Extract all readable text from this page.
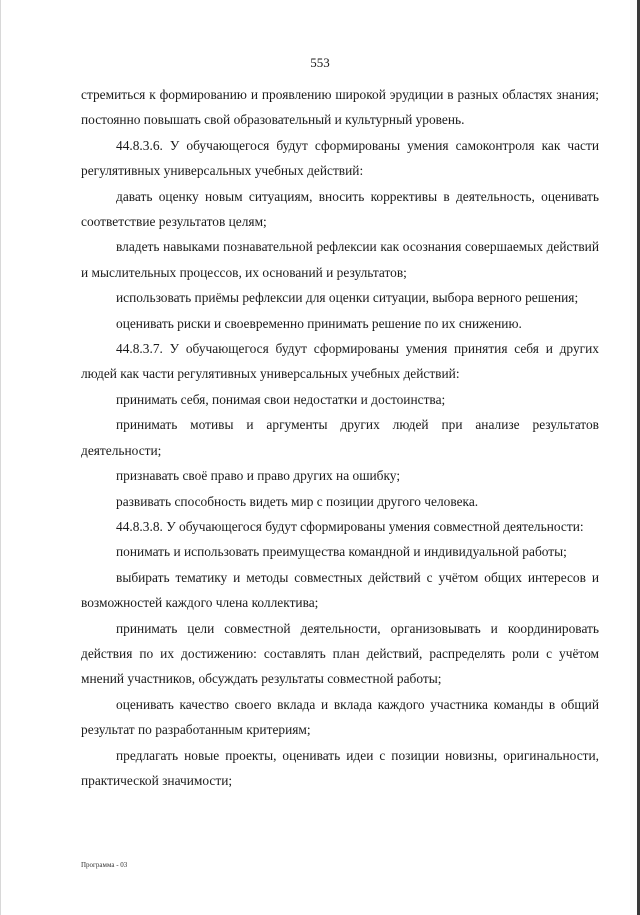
553

стремиться к формированию и проявлению широкой эрудиции в разных областях знания; постоянно повышать свой образовательный и культурный уровень.

44.8.3.6. У обучающегося будут сформированы умения самоконтроля как части регулятивных универсальных учебных действий:

давать оценку новым ситуациям, вносить коррективы в деятельность, оценивать соответствие результатов целям;

владеть навыками познавательной рефлексии как осознания совершаемых действий и мыслительных процессов, их оснований и результатов;

использовать приёмы рефлексии для оценки ситуации, выбора верного решения;

оценивать риски и своевременно принимать решение по их снижению.

44.8.3.7. У обучающегося будут сформированы умения принятия себя и других людей как части регулятивных универсальных учебных действий:

принимать себя, понимая свои недостатки и достоинства;

принимать мотивы и аргументы других людей при анализе результатов деятельности;

признавать своё право и право других на ошибку;

развивать способность видеть мир с позиции другого человека.

44.8.3.8. У обучающегося будут сформированы умения совместной деятельности:

понимать и использовать преимущества командной и индивидуальной работы;

выбирать тематику и методы совместных действий с учётом общих интересов и возможностей каждого члена коллектива;

принимать цели совместной деятельности, организовывать и координировать действия по их достижению: составлять план действий, распределять роли с учётом мнений участников, обсуждать результаты совместной работы;

оценивать качество своего вклада и вклада каждого участника команды в общий результат по разработанным критериям;

предлагать новые проекты, оценивать идеи с позиции новизны, оригинальности, практической значимости;

Программа - 03
